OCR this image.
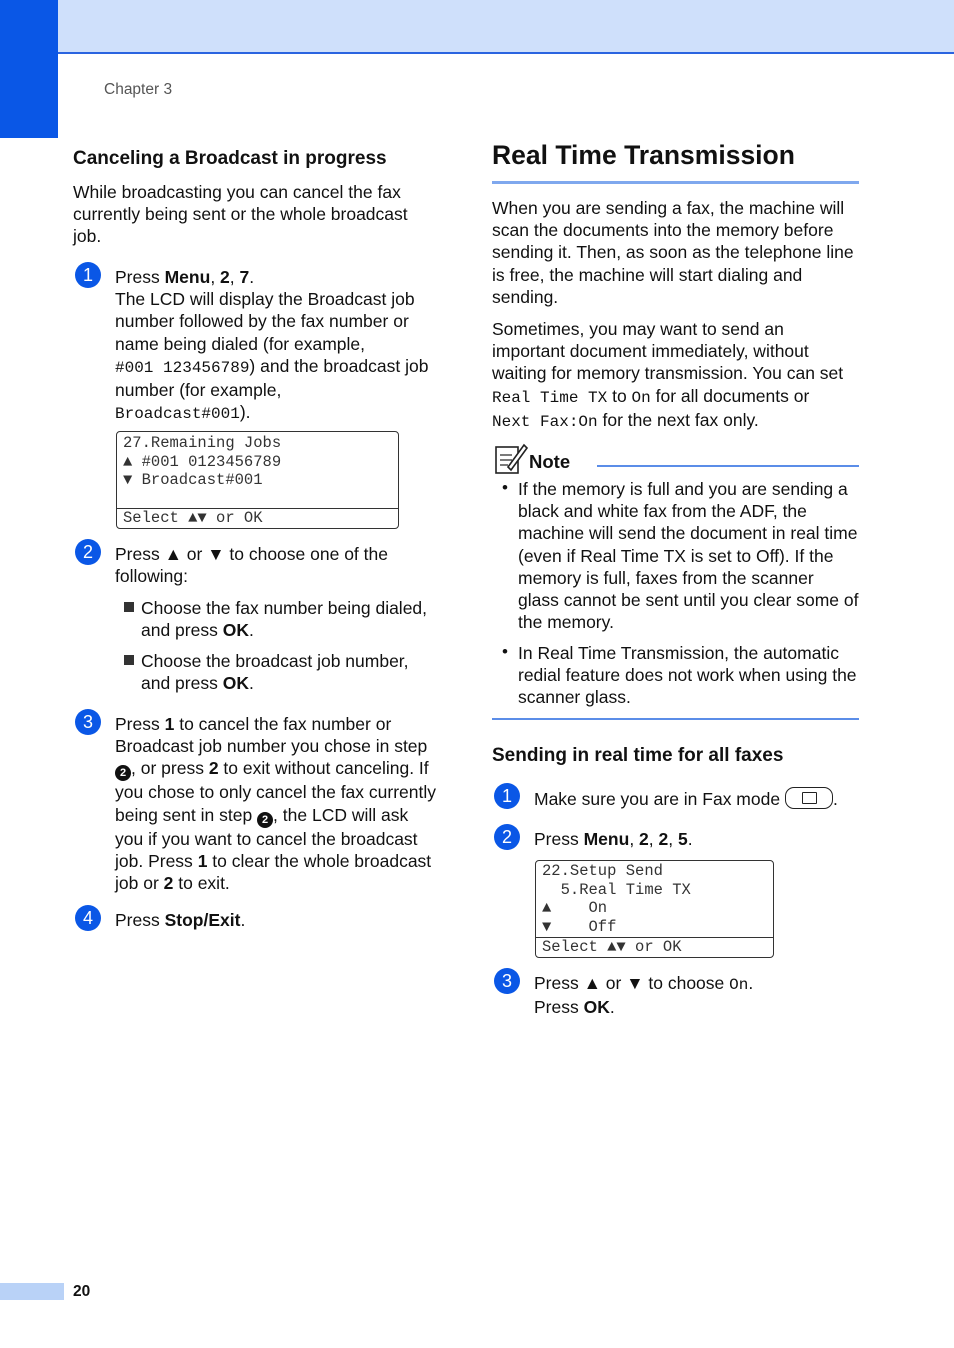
Chapter 3
Canceling a Broadcast in progress
While broadcasting you can cancel the fax currently being sent or the whole broadcast job.
1	Press Menu, 2, 7.
The LCD will display the Broadcast job number followed by the fax number or name being dialed (for example,
#001 123456789) and the broadcast job number (for example,
Broadcast#001).
27.Remaining Jobs
▲ #001 0123456789
▼ Broadcast#001
Select ▲▼ or OK
2	Press ▲ or ▼ to choose one of the following:
Choose the fax number being dialed, and press OK.
Choose the broadcast job number, and press OK.
3	Press 1 to cancel the fax number or Broadcast job number you chose in step 2 , or press 2 to exit without canceling. If you chose to only cancel the fax currently being sent in step 2 , the LCD will ask you if you want to cancel the broadcast job. Press 1 to clear the whole broadcast job or 2 to exit.
4	Press Stop/Exit.
Real Time Transmission
When you are sending a fax, the machine will scan the documents into the memory before sending it. Then, as soon as the telephone line is free, the machine will start dialing and sending.
Sometimes, you may want to send an important document immediately, without waiting for memory transmission. You can set
Real Time TX to On for all documents or
Next Fax:On for the next fax only.
Note
• If the memory is full and you are sending a black and white fax from the ADF, the machine will send the document in real time (even if Real Time TX is set to Off). If the memory is full, faxes from the scanner glass cannot be sent until you clear some of the memory.
• In Real Time Transmission, the automatic redial feature does not work when using the scanner glass.
Sending in real time for all faxes
1	Make sure you are in Fax mode	.
2	Press Menu, 2, 2, 5.
22.Setup Send
5.Real Time TX
▲    On
▼    Off
Select ▲▼ or OK
3	Press ▲ or ▼ to choose On.
Press OK.
20
